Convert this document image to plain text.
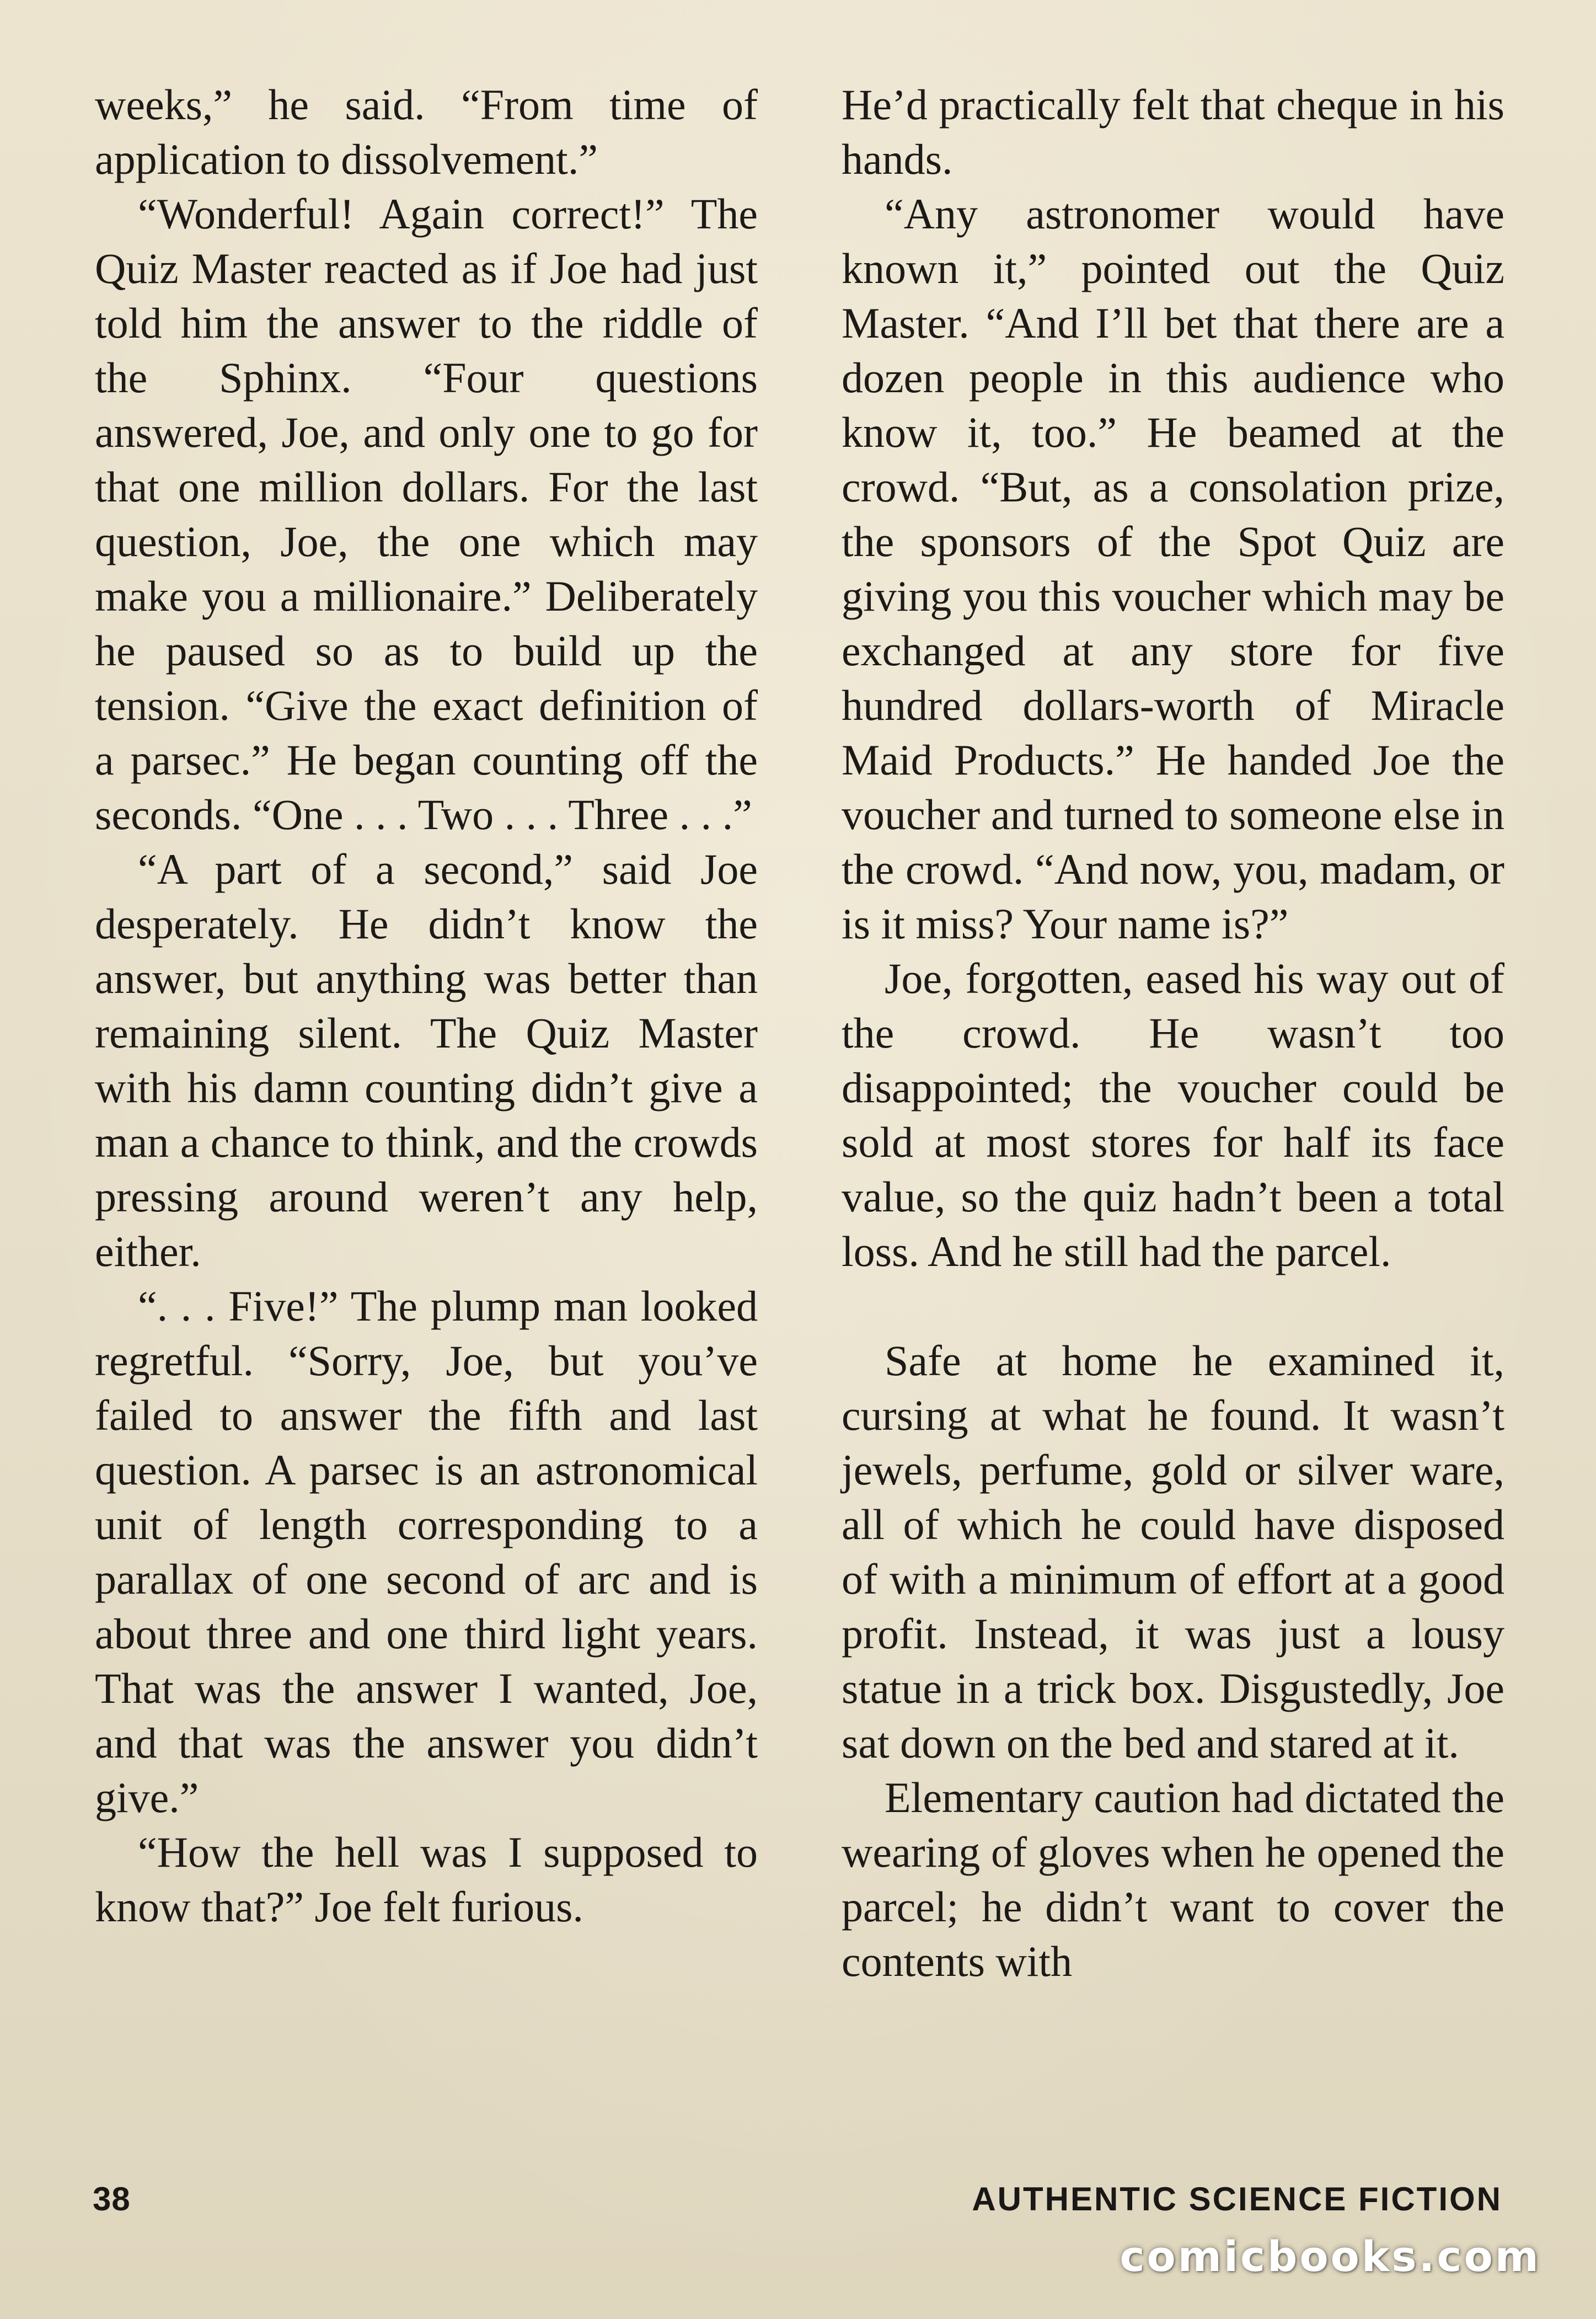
weeks,” he said. “From time of application to dissolvement.”

“Wonderful! Again correct!” The Quiz Master reacted as if Joe had just told him the answer to the riddle of the Sphinx. “Four questions answered, Joe, and only one to go for that one million dollars. For the last question, Joe, the one which may make you a millionaire.” Deliberately he paused so as to build up the tension. “Give the exact definition of a parsec.” He began counting off the seconds. “One . . . Two . . . Three . . .”

“A part of a second,” said Joe desperately. He didn’t know the answer, but anything was better than remaining silent. The Quiz Master with his damn counting didn’t give a man a chance to think, and the crowds pressing around weren’t any help, either.

“. . . Five!” The plump man looked regretful. “Sorry, Joe, but you’ve failed to answer the fifth and last question. A parsec is an astronomical unit of length corresponding to a parallax of one second of arc and is about three and one third light years. That was the answer I wanted, Joe, and that was the answer you didn’t give.”

“How the hell was I supposed to know that?” Joe felt furious.

He’d practically felt that cheque in his hands.

“Any astronomer would have known it,” pointed out the Quiz Master. “And I’ll bet that there are a dozen people in this audience who know it, too.” He beamed at the crowd. “But, as a consolation prize, the sponsors of the Spot Quiz are giving you this voucher which may be exchanged at any store for five hundred dollars-worth of Miracle Maid Products.” He handed Joe the voucher and turned to someone else in the crowd. “And now, you, madam, or is it miss? Your name is?”

Joe, forgotten, eased his way out of the crowd. He wasn’t too disappointed; the voucher could be sold at most stores for half its face value, so the quiz hadn’t been a total loss. And he still had the parcel.

Safe at home he examined it, cursing at what he found. It wasn’t jewels, perfume, gold or silver ware, all of which he could have disposed of with a minimum of effort at a good profit. Instead, it was just a lousy statue in a trick box. Disgustedly, Joe sat down on the bed and stared at it.

Elementary caution had dictated the wearing of gloves when he opened the parcel; he didn’t want to cover the contents with

38	AUTHENTIC SCIENCE FICTION
comicbooks.com
